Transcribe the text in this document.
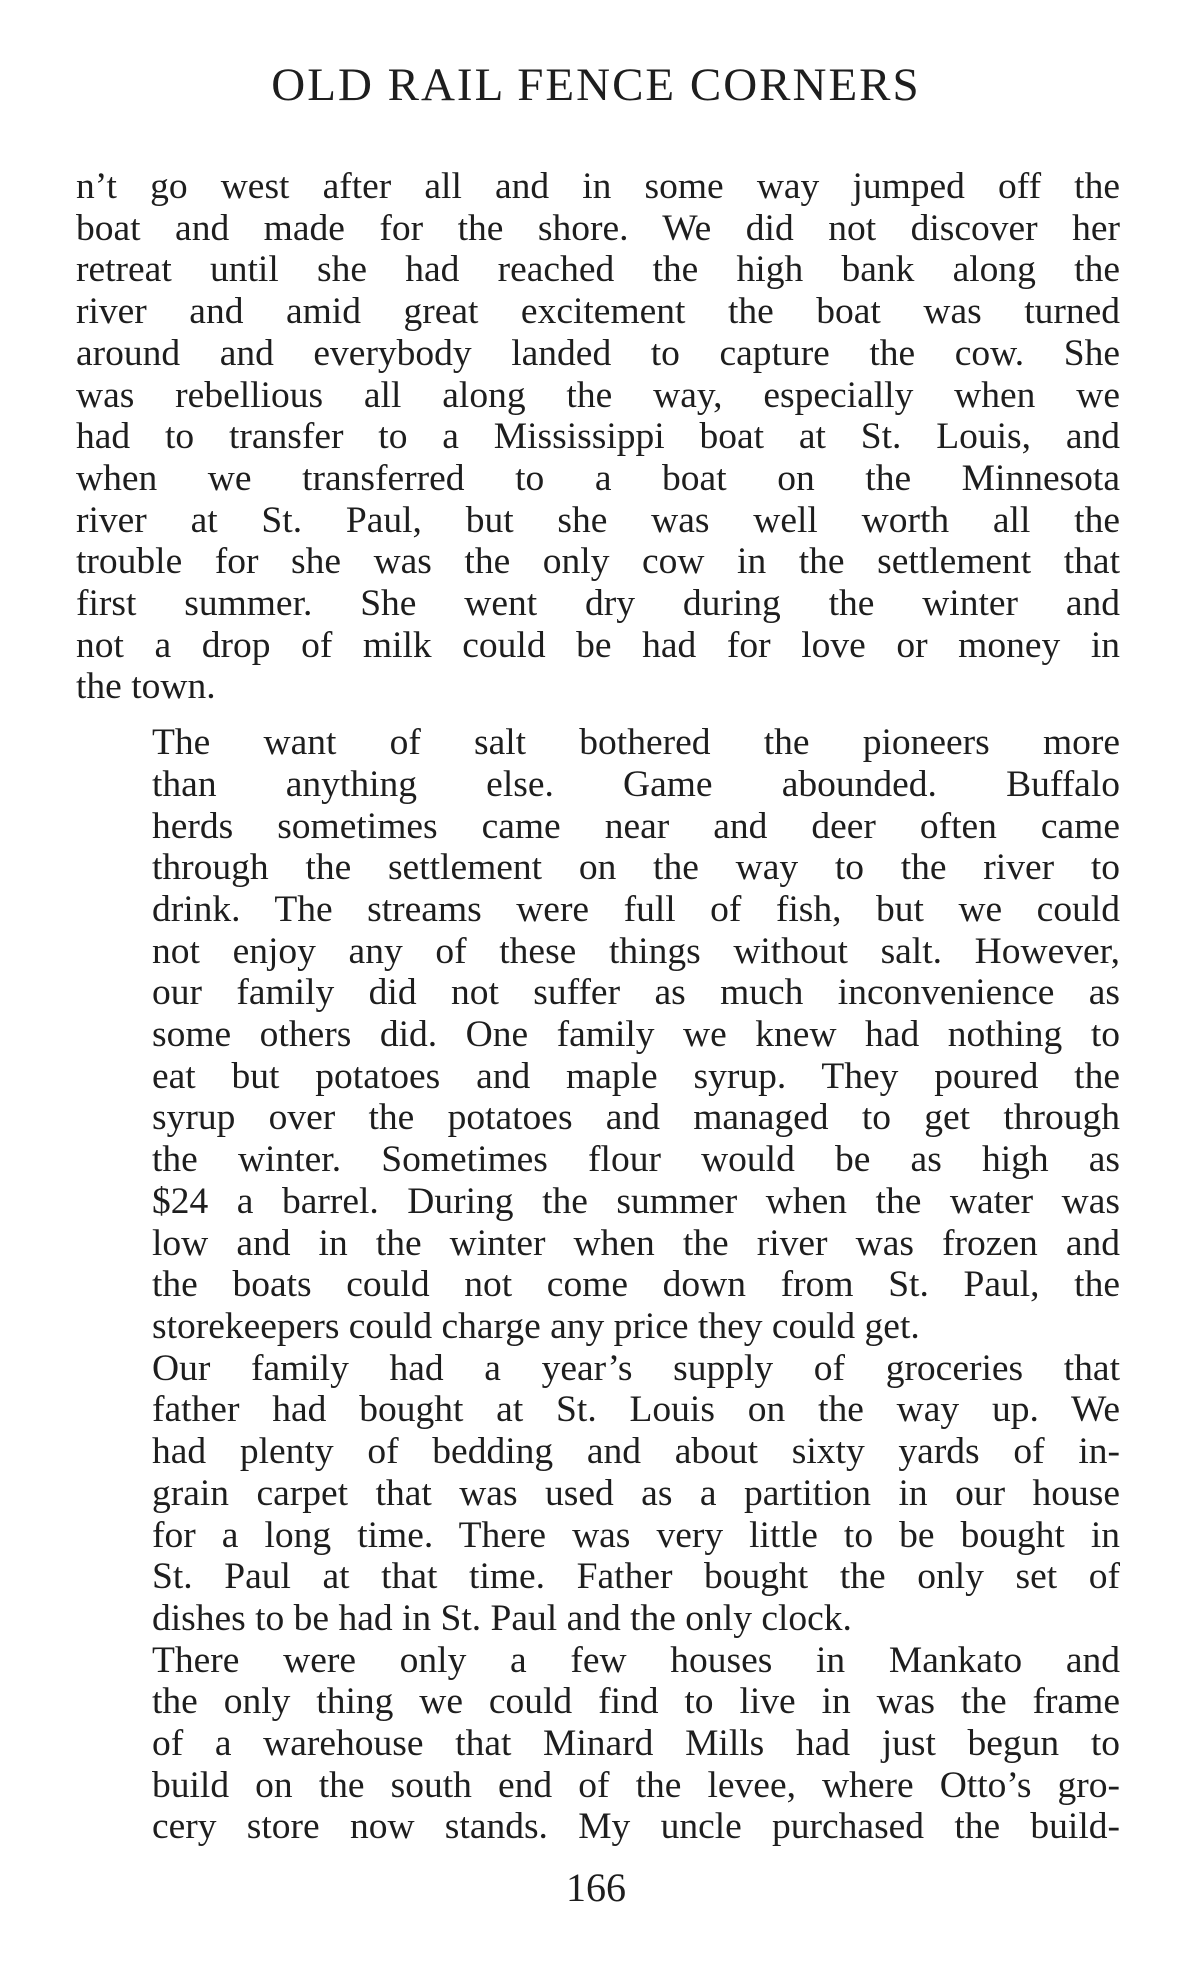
OLD RAIL FENCE CORNERS

n’t go west after all and in some way jumped off the
boat and made for the shore. We did not discover her
retreat until she had reached the high bank along the
river and amid great excitement the boat was turned
around and everybody landed to capture the cow. She
was rebellious all along the way, especially when we
had to transfer to a Mississippi boat at St. Louis, and
when we transferred to a boat on the Minnesota
river at St. Paul, but she was well worth all the
trouble for she was the only cow in the settlement that
first summer. She went dry during the winter and
not a drop of milk could be had for love or money in
the town.

The want of salt bothered the pioneers more
than anything else. Game abounded. Buffalo
herds sometimes came near and deer often came
through the settlement on the way to the river to
drink. The streams were full of fish, but we could
not enjoy any of these things without salt. However,
our family did not suffer as much inconvenience as
some others did. One family we knew had nothing to
eat but potatoes and maple syrup. They poured the
syrup over the potatoes and managed to get through
the winter. Sometimes flour would be as high as
$24 a barrel. During the summer when the water was
low and in the winter when the river was frozen and
the boats could not come down from St. Paul, the
storekeepers could charge any price they could get.

Our family had a year’s supply of groceries that
father had bought at St. Louis on the way up. We
had plenty of bedding and about sixty yards of in-
grain carpet that was used as a partition in our house
for a long time. There was very little to be bought in
St. Paul at that time. Father bought the only set of
dishes to be had in St. Paul and the only clock.

There were only a few houses in Mankato and
the only thing we could find to live in was the frame
of a warehouse that Minard Mills had just begun to
build on the south end of the levee, where Otto’s gro-
cery store now stands. My uncle purchased the build-

166
